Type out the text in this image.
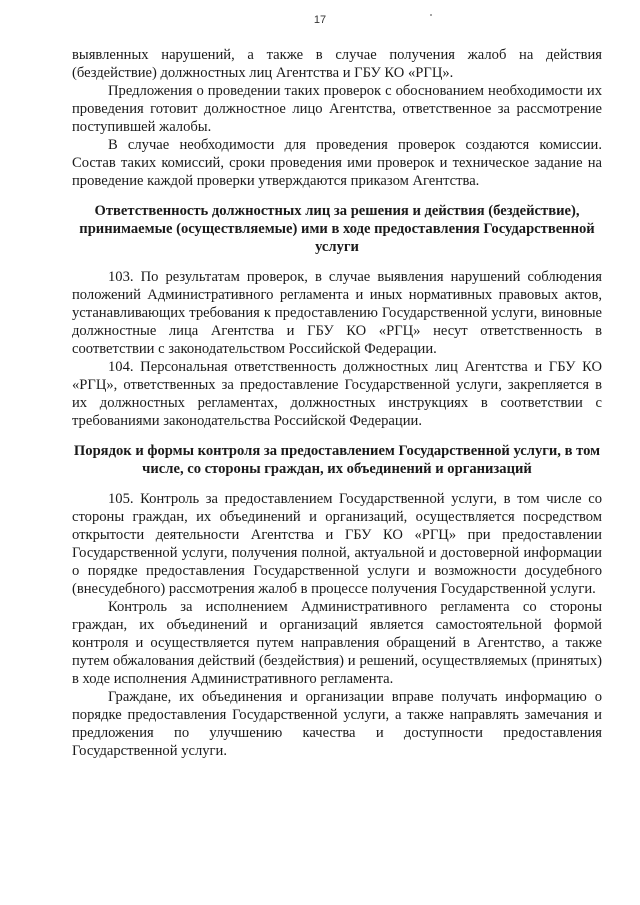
17

выявленных нарушений, а также в случае получения жалоб на действия (бездействие) должностных лиц Агентства и ГБУ КО «РГЦ».

Предложения о проведении таких проверок с обоснованием необходимости их проведения готовит должностное лицо Агентства, ответственное за рассмотрение поступившей жалобы.

В случае необходимости для проведения проверок создаются комиссии. Состав таких комиссий, сроки проведения ими проверок и техническое задание на проведение каждой проверки утверждаются приказом Агентства.

Ответственность должностных лиц за решения и действия (бездействие), принимаемые (осуществляемые) ими в ходе предоставления Государственной услуги

103. По результатам проверок, в случае выявления нарушений соблюдения положений Административного регламента и иных нормативных правовых актов, устанавливающих требования к предоставлению Государственной услуги, виновные должностные лица Агентства и ГБУ КО «РГЦ» несут ответственность в соответствии с законодательством Российской Федерации.

104. Персональная ответственность должностных лиц Агентства и ГБУ КО «РГЦ», ответственных за предоставление Государственной услуги, закрепляется в их должностных регламентах, должностных инструкциях в соответствии с требованиями законодательства Российской Федерации.

Порядок и формы контроля за предоставлением Государственной услуги, в том числе, со стороны граждан, их объединений и организаций

105. Контроль за предоставлением Государственной услуги, в том числе со стороны граждан, их объединений и организаций, осуществляется посредством открытости деятельности Агентства и ГБУ КО «РГЦ» при предоставлении Государственной услуги, получения полной, актуальной и достоверной информации о порядке предоставления Государственной услуги и возможности досудебного (внесудебного) рассмотрения жалоб в процессе получения Государственной услуги.

Контроль за исполнением Административного регламента со стороны граждан, их объединений и организаций является самостоятельной формой контроля и осуществляется путем направления обращений в Агентство, а также путем обжалования действий (бездействия) и решений, осуществляемых (принятых) в ходе исполнения Административного регламента.

Граждане, их объединения и организации вправе получать информацию о порядке предоставления Государственной услуги, а также направлять замечания и предложения по улучшению качества и доступности предоставления Государственной услуги.
